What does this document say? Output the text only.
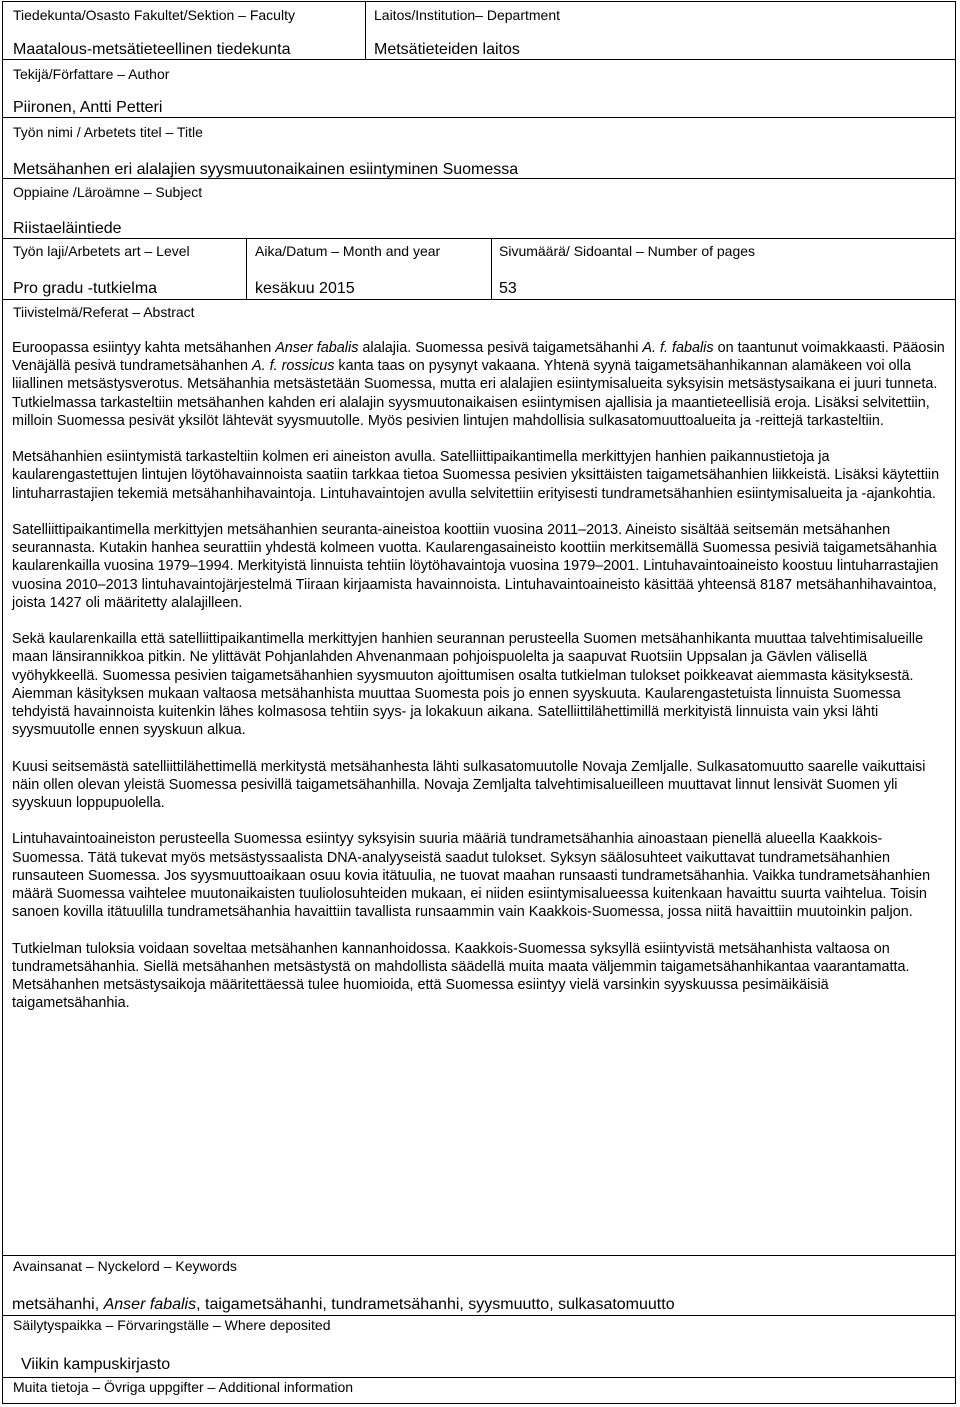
Tiedekunta/Osasto Fakultet/Sektion – Faculty
Maatalous-metsätieteellinen tiedekunta
Laitos/Institution– Department
Metsätieteiden laitos
Tekijä/Författare – Author
Piironen, Antti Petteri
Työn nimi / Arbetets titel – Title
Metsähanhen eri alalajien syysmuutonaikainen esiintyminen Suomessa
Oppiaine /Läroämne – Subject
Riistaeläintiede
Työn laji/Arbetets art – Level
Pro gradu -tutkielma
Aika/Datum – Month and year
kesäkuu 2015
Sivumäärä/ Sidoantal – Number of pages
53
Tiivistelmä/Referat – Abstract

Euroopassa esiintyy kahta metsähanhen Anser fabalis alalajia. Suomessa pesivä taigametsähanhi A. f. fabalis on taantunut voimakkaasti. Pääosin Venäjällä pesivä tundrametsähanhen A. f. rossicus kanta taas on pysynyt vakaana. Yhtenä syynä taigametsähanhikannan alamäkeen voi olla liiallinen metsästysverotus. Metsähanhia metsästetään Suomessa, mutta eri alalajien esiintymisalueita syksyisin metsästysaikana ei juuri tunneta. Tutkielmassa tarkasteltiin metsähanhen kahden eri alalajin syysmuutonaikaisen esiintymisen ajallisia ja maantieteellisiä eroja. Lisäksi selvitettiin, milloin Suomessa pesivät yksilöt lähtevät syysmuutolle. Myös pesivien lintujen mahdollisia sulkasatomuuttoalueita ja -reittejä tarkasteltiin.

Metsähanhien esiintymistä tarkasteltiin kolmen eri aineiston avulla. Satelliittipaikantimella merkittyjen hanhien paikannustietoja ja kaularengastettujen lintujen löytöhavainnoista saatiin tarkkaa tietoa Suomessa pesivien yksittäisten taigametsähanhien liikkeistä. Lisäksi käytettiin lintuharrastajien tekemiä metsähanhihavaintoja. Lintuhavaintojen avulla selvitettiin erityisesti tundrametsähanhien esiintymisalueita ja -ajankohtia.

Satelliittipaikantimella merkittyjen metsähanhien seuranta-aineistoa koottiin vuosina 2011–2013. Aineisto sisältää seitsemän metsähanhen seurannasta. Kutakin hanhea seurattiin yhdestä kolmeen vuotta. Kaularengasaineisto koottiin merkitsemällä Suomessa pesiviä taigametsähanhia kaularenkailla vuosina 1979–1994. Merkityistä linnuista tehtiin löytöhavaintoja vuosina 1979–2001. Lintuhavaintoaineisto koostuu lintuharrastajien vuosina 2010–2013 lintuhavaintojärjestelmä Tiiraan kirjaamista havainnoista. Lintuhavaintoaineisto käsittää yhteensä 8187 metsähanhihavaintoa, joista 1427 oli määritetty alalajilleen.

Sekä kaularenkailla että satelliittipaikantimella merkittyjen hanhien seurannan perusteella Suomen metsähanhikanta muuttaa talvehtimisalueille maan länsirannikkoa pitkin. Ne ylittävät Pohjanlahden Ahvenanmaan pohjoispuolelta ja saapuvat Ruotsiin Uppsalan ja Gävlen välisellä vyöhykkeellä. Suomessa pesivien taigametsähanhien syysmuuton ajoittumisen osalta tutkielman tulokset poikkeavat aiemmasta käsityksestä. Aiemman käsityksen mukaan valtaosa metsähanhista muuttaa Suomesta pois jo ennen syyskuuta. Kaularengastetuista linnuista Suomessa tehdyistä havainnoista kuitenkin lähes kolmasosa tehtiin syys- ja lokakuun aikana. Satelliittilähettimillä merkityistä linnuista vain yksi lähti syysmuutolle ennen syyskuun alkua.

Kuusi seitsemästä satelliittilähettimellä merkitystä metsähanhesta lähti sulkasatomuutolle Novaja Zemljalle. Sulkasatomuutto saarelle vaikuttaisi näin ollen olevan yleistä Suomessa pesivillä taigametsähanhilla. Novaja Zemljalta talvehtimisalueilleen muuttavat linnut lensivät Suomen yli syyskuun loppupuolella.

Lintuhavaintoaineiston perusteella Suomessa esiintyy syksyisin suuria määriä tundrametsähanhia ainoastaan pienellä alueella Kaakkois-Suomessa. Tätä tukevat myös metsästyssaalista DNA-analyyseistä saadut tulokset. Syksyn säälosuhteet vaikuttavat tundrametsähanhien runsauteen Suomessa. Jos syysmuuttoaikaan osuu kovia itätuulia, ne tuovat maahan runsaasti tundrametsähanhia. Vaikka tundrametsähanhien määrä Suomessa vaihtelee muutonaikaisten tuuliolosuhteiden mukaan, ei niiden esiintymisalueessa kuitenkaan havaittu suurta vaihtelua. Toisin sanoen kovilla itätuulilla tundrametsähanhia havaittiin tavallista runsaammin vain Kaakkois-Suomessa, jossa niitä havaittiin muutoinkin paljon.

Tutkielman tuloksia voidaan soveltaa metsähanhen kannanhoidossa. Kaakkois-Suomessa syksyllä esiintyvistä metsähanhista valtaosa on tundrametsähanhia. Siellä metsähanhen metsästystä on mahdollista säädellä muita maata väljemmin taigametsähanhikantaa vaarantamatta. Metsähanhen metsästysaikoja määritettäessä tulee huomioida, että Suomessa esiintyy vielä varsinkin syyskuussa pesimäikäisiä taigametsähanhia.

Avainsanat – Nyckelord – Keywords
metsähanhi, Anser fabalis, taigametsähanhi, tundrametsähanhi, syysmuutto, sulkasatomuutto
Säilytyspaikka – Förvaringställe – Where deposited
Viikin kampuskirjasto
Muita tietoja – Övriga uppgifter – Additional information
